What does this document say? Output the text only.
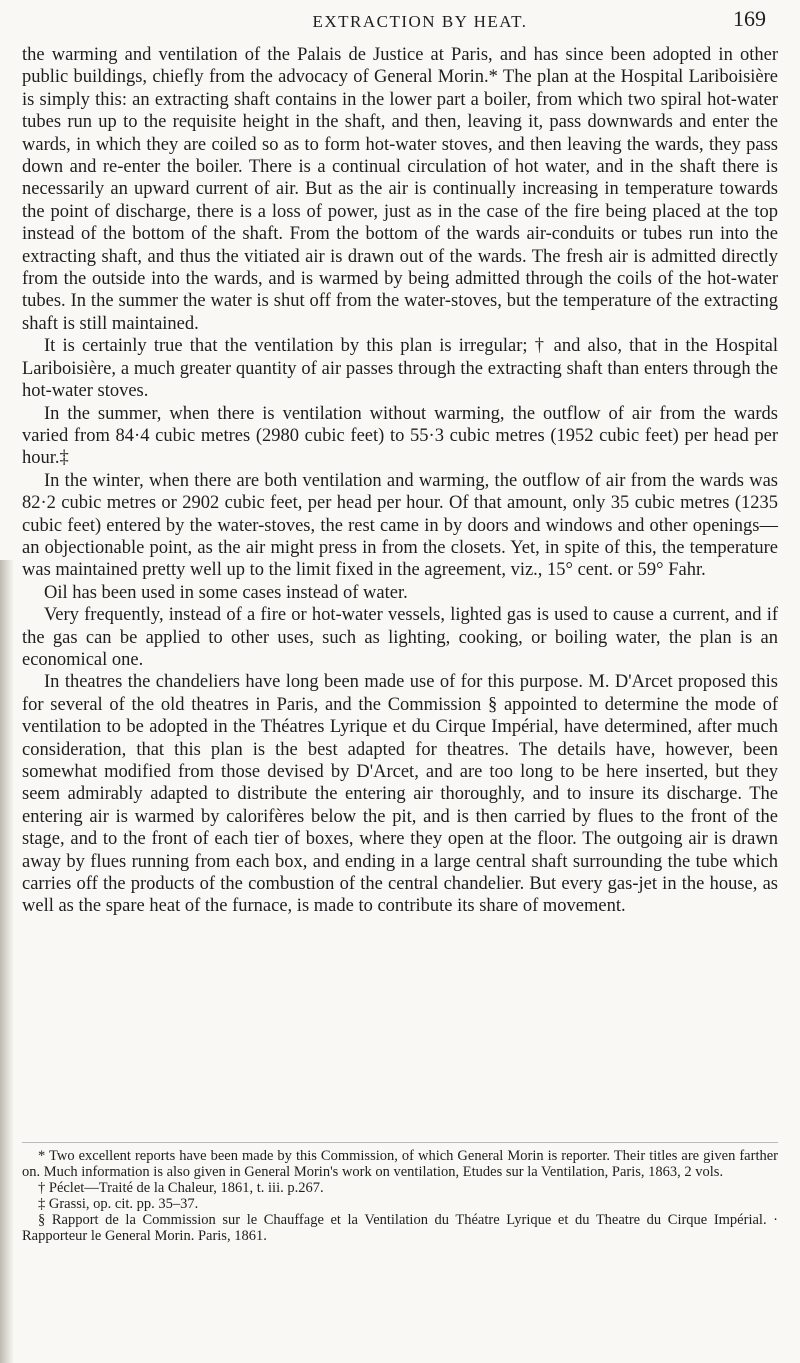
EXTRACTION BY HEAT.	169

the warming and ventilation of the Palais de Justice at Paris, and has since been adopted in other public buildings, chiefly from the advocacy of General Morin.* The plan at the Hospital Lariboisière is simply this: an extracting shaft contains in the lower part a boiler, from which two spiral hot-water tubes run up to the requisite height in the shaft, and then, leaving it, pass downwards and enter the wards, in which they are coiled so as to form hot-water stoves, and then leaving the wards, they pass down and re-enter the boiler. There is a continual circulation of hot water, and in the shaft there is necessarily an upward current of air. But as the air is continually increasing in temperature towards the point of discharge, there is a loss of power, just as in the case of the fire being placed at the top instead of the bottom of the shaft. From the bottom of the wards air-conduits or tubes run into the extracting shaft, and thus the vitiated air is drawn out of the wards. The fresh air is admitted directly from the outside into the wards, and is warmed by being admitted through the coils of the hot-water tubes. In the summer the water is shut off from the water-stoves, but the temperature of the extracting shaft is still maintained.

It is certainly true that the ventilation by this plan is irregular; † and also, that in the Hospital Lariboisière, a much greater quantity of air passes through the extracting shaft than enters through the hot-water stoves.

In the summer, when there is ventilation without warming, the outflow of air from the wards varied from 84·4 cubic metres (2980 cubic feet) to 55·3 cubic metres (1952 cubic feet) per head per hour.‡

In the winter, when there are both ventilation and warming, the outflow of air from the wards was 82·2 cubic metres or 2902 cubic feet, per head per hour. Of that amount, only 35 cubic metres (1235 cubic feet) entered by the water-stoves, the rest came in by doors and windows and other openings—an objectionable point, as the air might press in from the closets. Yet, in spite of this, the temperature was maintained pretty well up to the limit fixed in the agreement, viz., 15° cent. or 59° Fahr.

Oil has been used in some cases instead of water.

Very frequently, instead of a fire or hot-water vessels, lighted gas is used to cause a current, and if the gas can be applied to other uses, such as lighting, cooking, or boiling water, the plan is an economical one.

In theatres the chandeliers have long been made use of for this purpose. M. D'Arcet proposed this for several of the old theatres in Paris, and the Commission § appointed to determine the mode of ventilation to be adopted in the Théatres Lyrique et du Cirque Impérial, have determined, after much consideration, that this plan is the best adapted for theatres. The details have, however, been somewhat modified from those devised by D'Arcet, and are too long to be here inserted, but they seem admirably adapted to distribute the entering air thoroughly, and to insure its discharge. The entering air is warmed by calorifères below the pit, and is then carried by flues to the front of the stage, and to the front of each tier of boxes, where they open at the floor. The outgoing air is drawn away by flues running from each box, and ending in a large central shaft surrounding the tube which carries off the products of the combustion of the central chandelier. But every gas-jet in the house, as well as the spare heat of the furnace, is made to contribute its share of movement.

* Two excellent reports have been made by this Commission, of which General Morin is reporter. Their titles are given farther on. Much information is also given in General Morin's work on ventilation, Etudes sur la Ventilation, Paris, 1863, 2 vols.

† Péclet—Traité de la Chaleur, 1861, t. iii. p.267.

‡ Grassi, op. cit. pp. 35–37.

§ Rapport de la Commission sur le Chauffage et la Ventilation du Théatre Lyrique et du Theatre du Cirque Impérial. · Rapporteur le General Morin. Paris, 1861.
